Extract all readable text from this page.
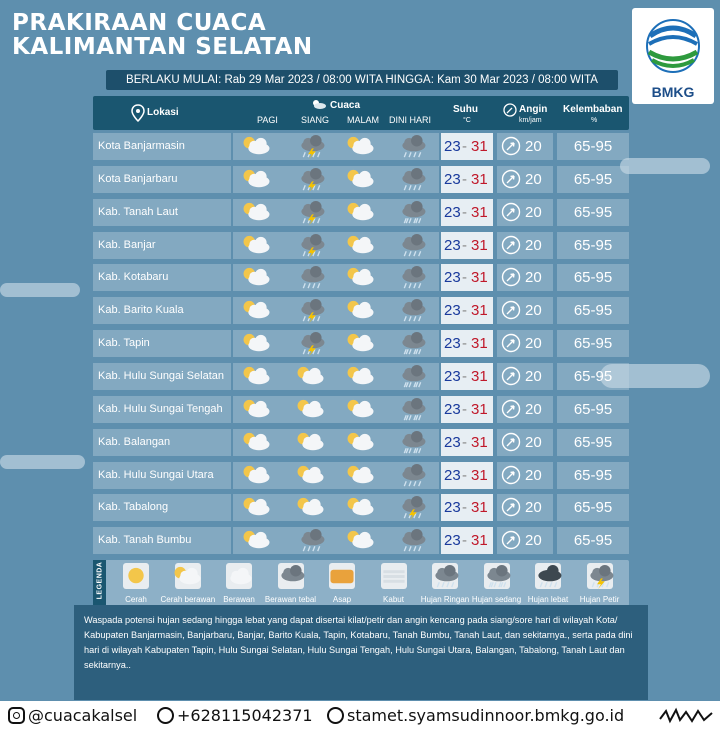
PRAKIRAAN CUACA
KALIMANTAN SELATAN
BMKG
BERLAKU MULAI: Rab 29 Mar 2023 / 08:00 WITA HINGGA: Kam 30 Mar 2023 / 08:00 WITA
Lokasi
Cuaca
PAGI	SIANG MALAM DINI HARI
Suhu
°C
Angin
km/jam
Kelembaban
%
Kota Banjarmasin	23 - 31 20	65-95
Kota Banjarbaru	23 - 31 20	65-95
Kab. Tanah Laut	23 - 31 20	65-95
Kab. Banjar	23 - 31 20	65-95
Kab. Kotabaru	23 - 31 20	65-95
Kab. Barito Kuala	23 - 31 20	65-95
Kab. Tapin	23 - 31 20	65-95
Kab. Hulu Sungai Selatan	23 - 31 20	65-95
Kab. Hulu Sungai Tengah	23 - 31 20	65-95
Kab. Balangan	23 - 31 20	65-95
Kab. Hulu Sungai Utara	23 - 31 20	65-95
Kab. Tabalong	23 - 31 20	65-95
Kab. Tanah Bumbu	23 - 31 20	65-95
LEGENDA
Cerah	Cerah berawan	Berawan	Berawan tebal	Asap	Kabut	Hujan Ringan Hujan sedang Hujan lebat	Hujan Petir
Waspada potensi hujan sedang hingga lebat yang dapat disertai kilat/petir dan angin kencang pada siang/sore hari di wilayah Kota/ Kabupaten Banjarmasin, Banjarbaru, Banjar, Barito Kuala, Tapin, Kotabaru, Tanah Bumbu, Tanah Laut, dan sekitarnya., serta pada dini hari di wilayah Kabupaten Tapin, Hulu Sungai Selatan, Hulu Sungai Tengah, Hulu Sungai Utara, Balangan, Tabalong, Tanah Laut dan sekitarnya..
@cuacakalsel	+628115042371	stamet.syamsudinnoor.bmkg.go.id
